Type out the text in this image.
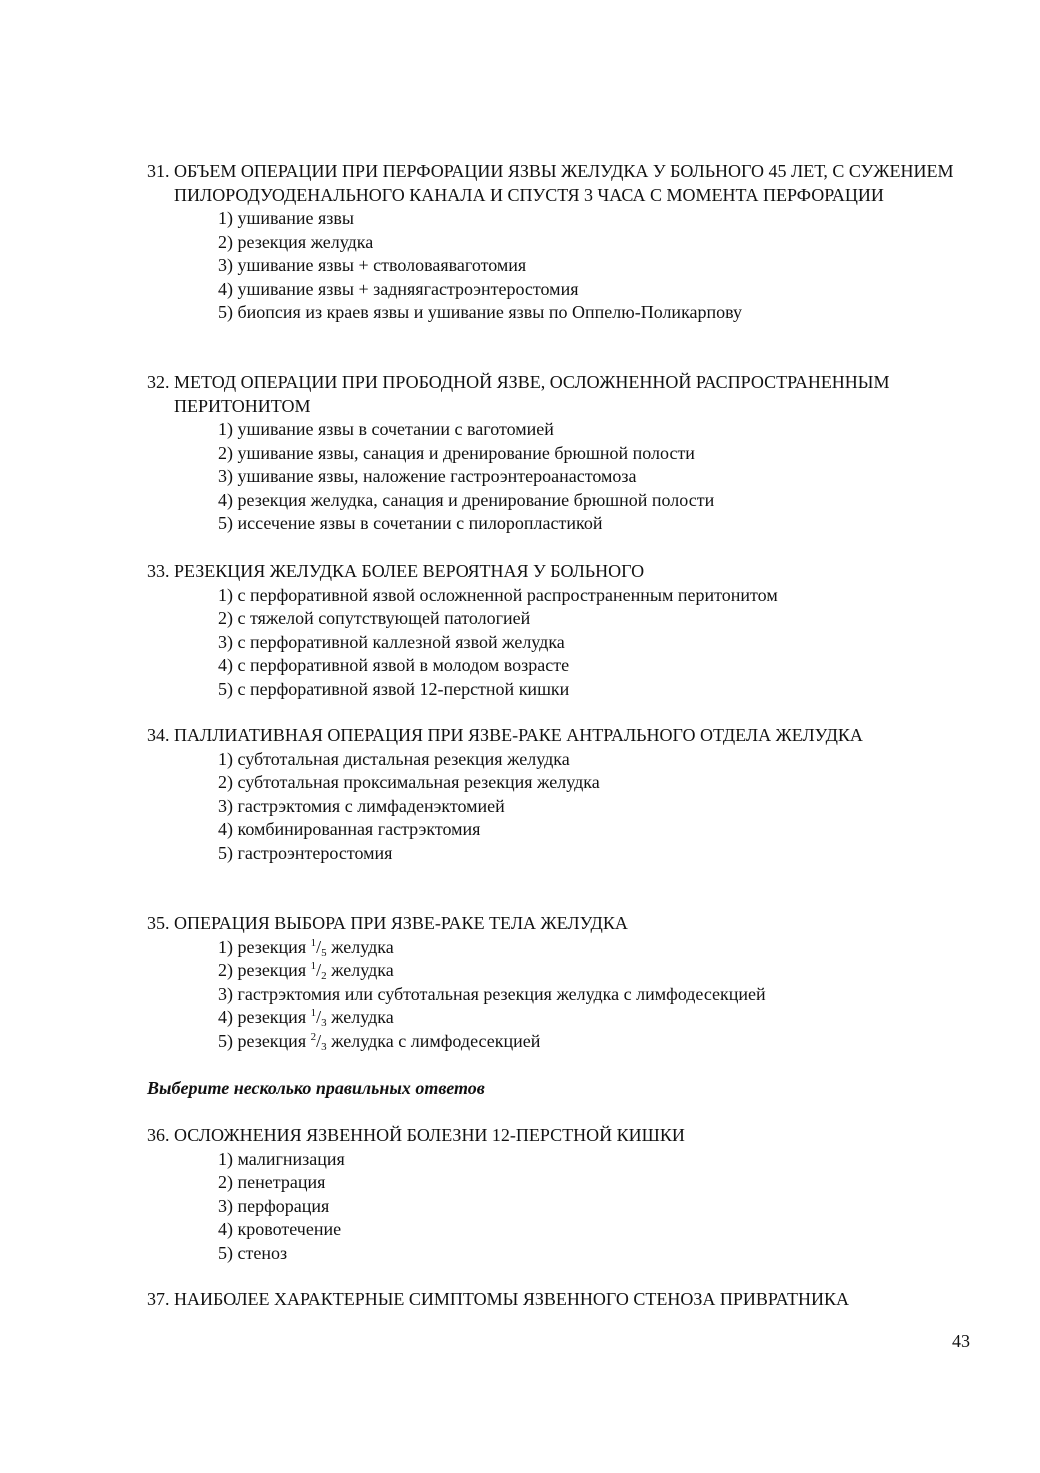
31. ОБЪЕМ ОПЕРАЦИИ ПРИ ПЕРФОРАЦИИ ЯЗВЫ ЖЕЛУДКА У БОЛЬНОГО 45 ЛЕТ, С СУЖЕНИЕМ ПИЛОРОДУОДЕНАЛЬНОГО КАНАЛА И СПУСТЯ 3 ЧАСА С МОМЕНТА ПЕРФОРАЦИИ
1) ушивание язвы
2) резекция желудка
3) ушивание язвы + стволоваяваготомия
4) ушивание язвы + задняягастроэнтеростомия
5) биопсия из краев язвы и ушивание язвы по Оппелю-Поликарпову
32. МЕТОД ОПЕРАЦИИ ПРИ ПРОБОДНОЙ ЯЗВЕ, ОСЛОЖНЕННОЙ РАСПРОСТРАНЕННЫМ ПЕРИТОНИТОМ
1) ушивание язвы в сочетании с ваготомией
2) ушивание язвы, санация и дренирование брюшной полости
3) ушивание язвы, наложение гастроэнтероанастомоза
4) резекция желудка, санация и дренирование брюшной полости
5) иссечение язвы в сочетании с пилоропластикой
33. РЕЗЕКЦИЯ ЖЕЛУДКА БОЛЕЕ ВЕРОЯТНАЯ У БОЛЬНОГО
1) с перфоративной язвой осложненной распространенным перитонитом
2) с тяжелой сопутствующей патологией
3) с перфоративной каллезной язвой желудка
4) с перфоративной язвой в молодом возрасте
5) с перфоративной язвой 12-перстной кишки
34. ПАЛЛИАТИВНАЯ ОПЕРАЦИЯ ПРИ ЯЗВЕ-РАКЕ АНТРАЛЬНОГО ОТДЕЛА ЖЕЛУДКА
1) субтотальная дистальная резекция желудка
2) субтотальная проксимальная резекция желудка
3) гастрэктомия с лимфаденэктомией
4) комбинированная гастрэктомия
5) гастроэнтеростомия
35. ОПЕРАЦИЯ ВЫБОРА ПРИ ЯЗВЕ-РАКЕ ТЕЛА ЖЕЛУДКА
1) резекция $^1/_5$ желудка
2) резекция $^1/_2$ желудка
3) гастрэктомия или субтотальная резекция желудка с лимфодесекцией
4) резекция $^1/_3$ желудка
5) резекция $^2/_3$ желудка с лимфодесекцией
36. ОСЛОЖНЕНИЯ ЯЗВЕННОЙ БОЛЕЗНИ 12-ПЕРСТНОЙ КИШКИ
1) малигнизация
2) пенетрация
3) перфорация
4) кровотечение
5) стеноз
37. НАИБОЛЕЕ ХАРАКТЕРНЫЕ СИМПТОМЫ ЯЗВЕННОГО СТЕНОЗА ПРИВРАТНИКА
Выберите несколько правильных ответов
43
